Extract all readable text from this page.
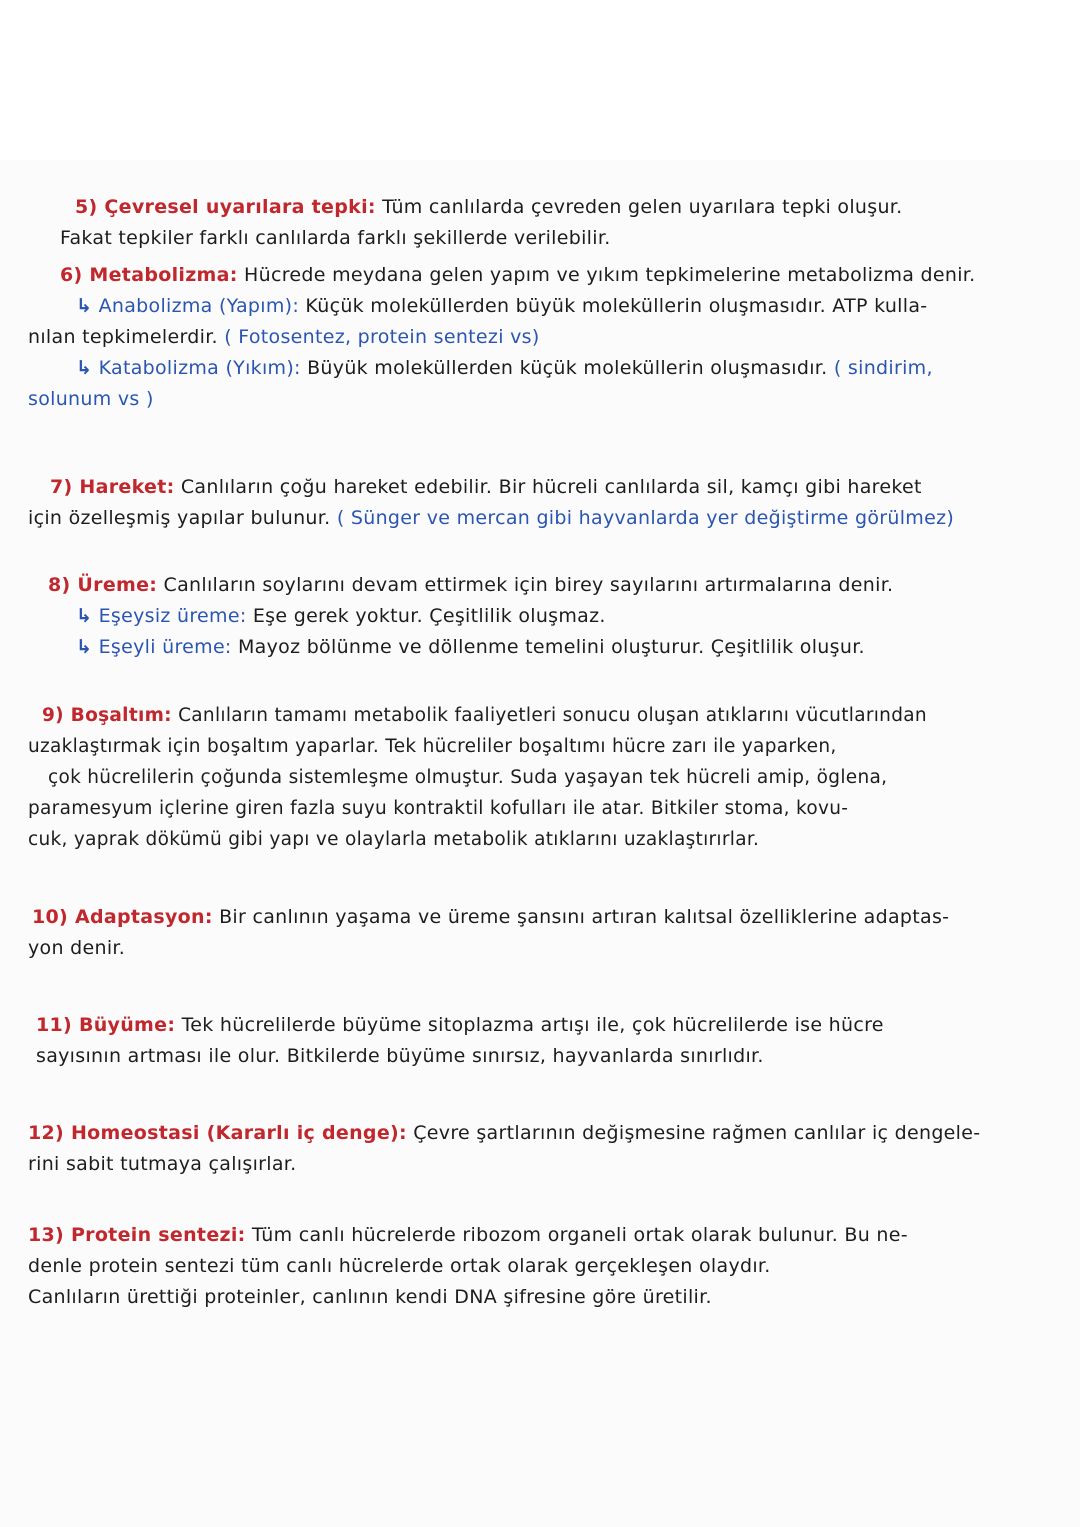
5) Çevresel uyarılara tepki: Tüm canlılarda çevreden gelen uyarılara tepki oluşur.
Fakat tepkiler farklı canlılarda farklı şekillerde verilebilir.
6) Metabolizma: Hücrede meydana gelen yapım ve yıkım tepkimelerine metabolizma denir.
↳ Anabolizma (Yapım): Küçük moleküllerden büyük moleküllerin oluşmasıdır. ATP kulla-
nılan tepkimelerdir. ( Fotosentez, protein sentezi vs)
↳ Katabolizma (Yıkım): Büyük moleküllerden küçük moleküllerin oluşmasıdır. ( sindirim,
solunum vs )
7) Hareket: Canlıların çoğu hareket edebilir. Bir hücreli canlılarda sil, kamçı gibi hareket
için özelleşmiş yapılar bulunur. ( Sünger ve mercan gibi hayvanlarda yer değiştirme görülmez)
8) Üreme: Canlıların soylarını devam ettirmek için birey sayılarını artırmalarına denir.
↳ Eşeysiz üreme: Eşe gerek yoktur. Çeşitlilik oluşmaz.
↳ Eşeyli üreme: Mayoz bölünme ve döllenme temelini oluşturur. Çeşitlilik oluşur.
9) Boşaltım: Canlıların tamamı metabolik faaliyetleri sonucu oluşan atıklarını vücutlarından
uzaklaştırmak için boşaltım yaparlar. Tek hücreliler boşaltımı hücre zarı ile yaparken,
çok hücrelilerin çoğunda sistemleşme olmuştur. Suda yaşayan tek hücreli amip, öglena,
paramesyum içlerine giren fazla suyu kontraktil kofulları ile atar. Bitkiler stoma, kovu-
cuk, yaprak dökümü gibi yapı ve olaylarla metabolik atıklarını uzaklaştırırlar.
10) Adaptasyon: Bir canlının yaşama ve üreme şansını artıran kalıtsal özelliklerine adaptas-
yon denir.
11) Büyüme: Tek hücrelilerde büyüme sitoplazma artışı ile, çok hücrelilerde ise hücre
sayısının artması ile olur. Bitkilerde büyüme sınırsız, hayvanlarda sınırlıdır.
12) Homeostasi (Kararlı iç denge): Çevre şartlarının değişmesine rağmen canlılar iç dengele-
rini sabit tutmaya çalışırlar.
13) Protein sentezi: Tüm canlı hücrelerde ribozom organeli ortak olarak bulunur. Bu ne-
denle protein sentezi tüm canlı hücrelerde ortak olarak gerçekleşen olaydır.
Canlıların ürettiği proteinler, canlının kendi DNA şifresine göre üretilir.
